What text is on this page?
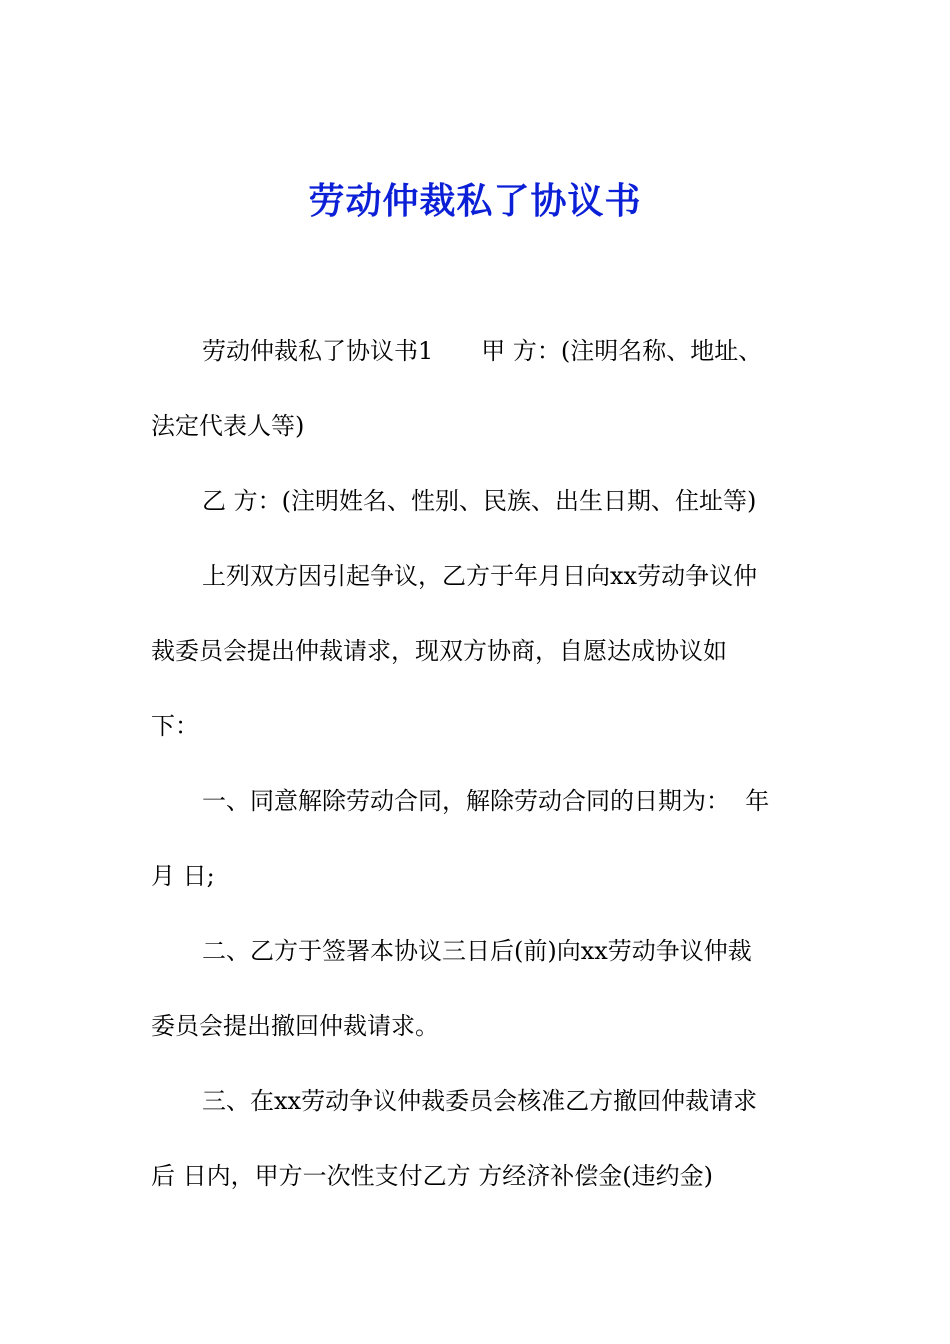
劳动仲裁私了协议书

劳动仲裁私了协议书1　　甲 方：(注明名称、地址、

法定代表人等)

乙 方：(注明姓名、性别、民族、出生日期、住址等)

上列双方因引起争议，乙方于年月日向xx劳动争议仲

裁委员会提出仲裁请求，现双方协商，自愿达成协议如

下：

一、同意解除劳动合同，解除劳动合同的日期为：  年

月 日;

二、乙方于签署本协议三日后(前)向xx劳动争议仲裁

委员会提出撤回仲裁请求。

三、在xx劳动争议仲裁委员会核准乙方撤回仲裁请求

后 日内，甲方一次性支付乙方 方经济补偿金(违约金)
